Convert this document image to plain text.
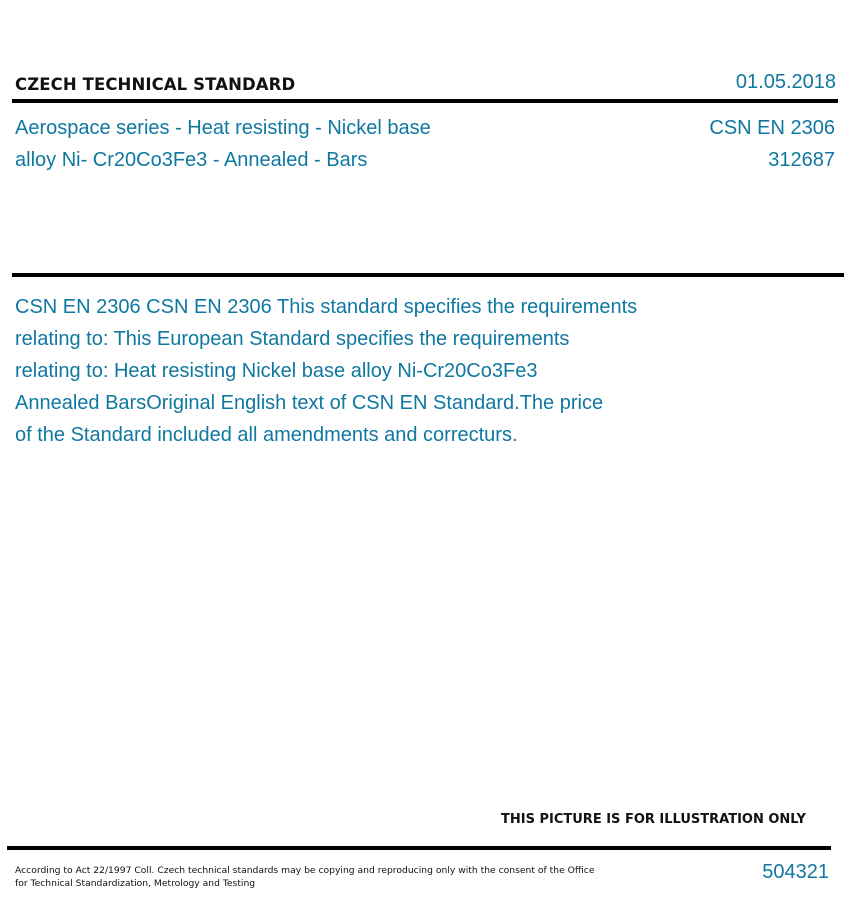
CZECH TECHNICAL STANDARD	01.05.2018
Aerospace series - Heat resisting - Nickel base
alloy Ni- Cr20Co3Fe3 - Annealed - Bars
CSN EN 2306
312687
CSN EN 2306 CSN EN 2306 This standard specifies the requirements
relating to: This European Standard specifies the requirements
relating to: Heat resisting Nickel base alloy Ni-Cr20Co3Fe3
Annealed BarsOriginal English text of CSN EN Standard.The price
of the Standard included all amendments and correcturs.
THIS PICTURE IS FOR ILLUSTRATION ONLY
According to Act 22/1997 Coll. Czech technical standards may be copying and reproducing only with the consent of the Office
for Technical Standardization, Metrology and Testing
504321
